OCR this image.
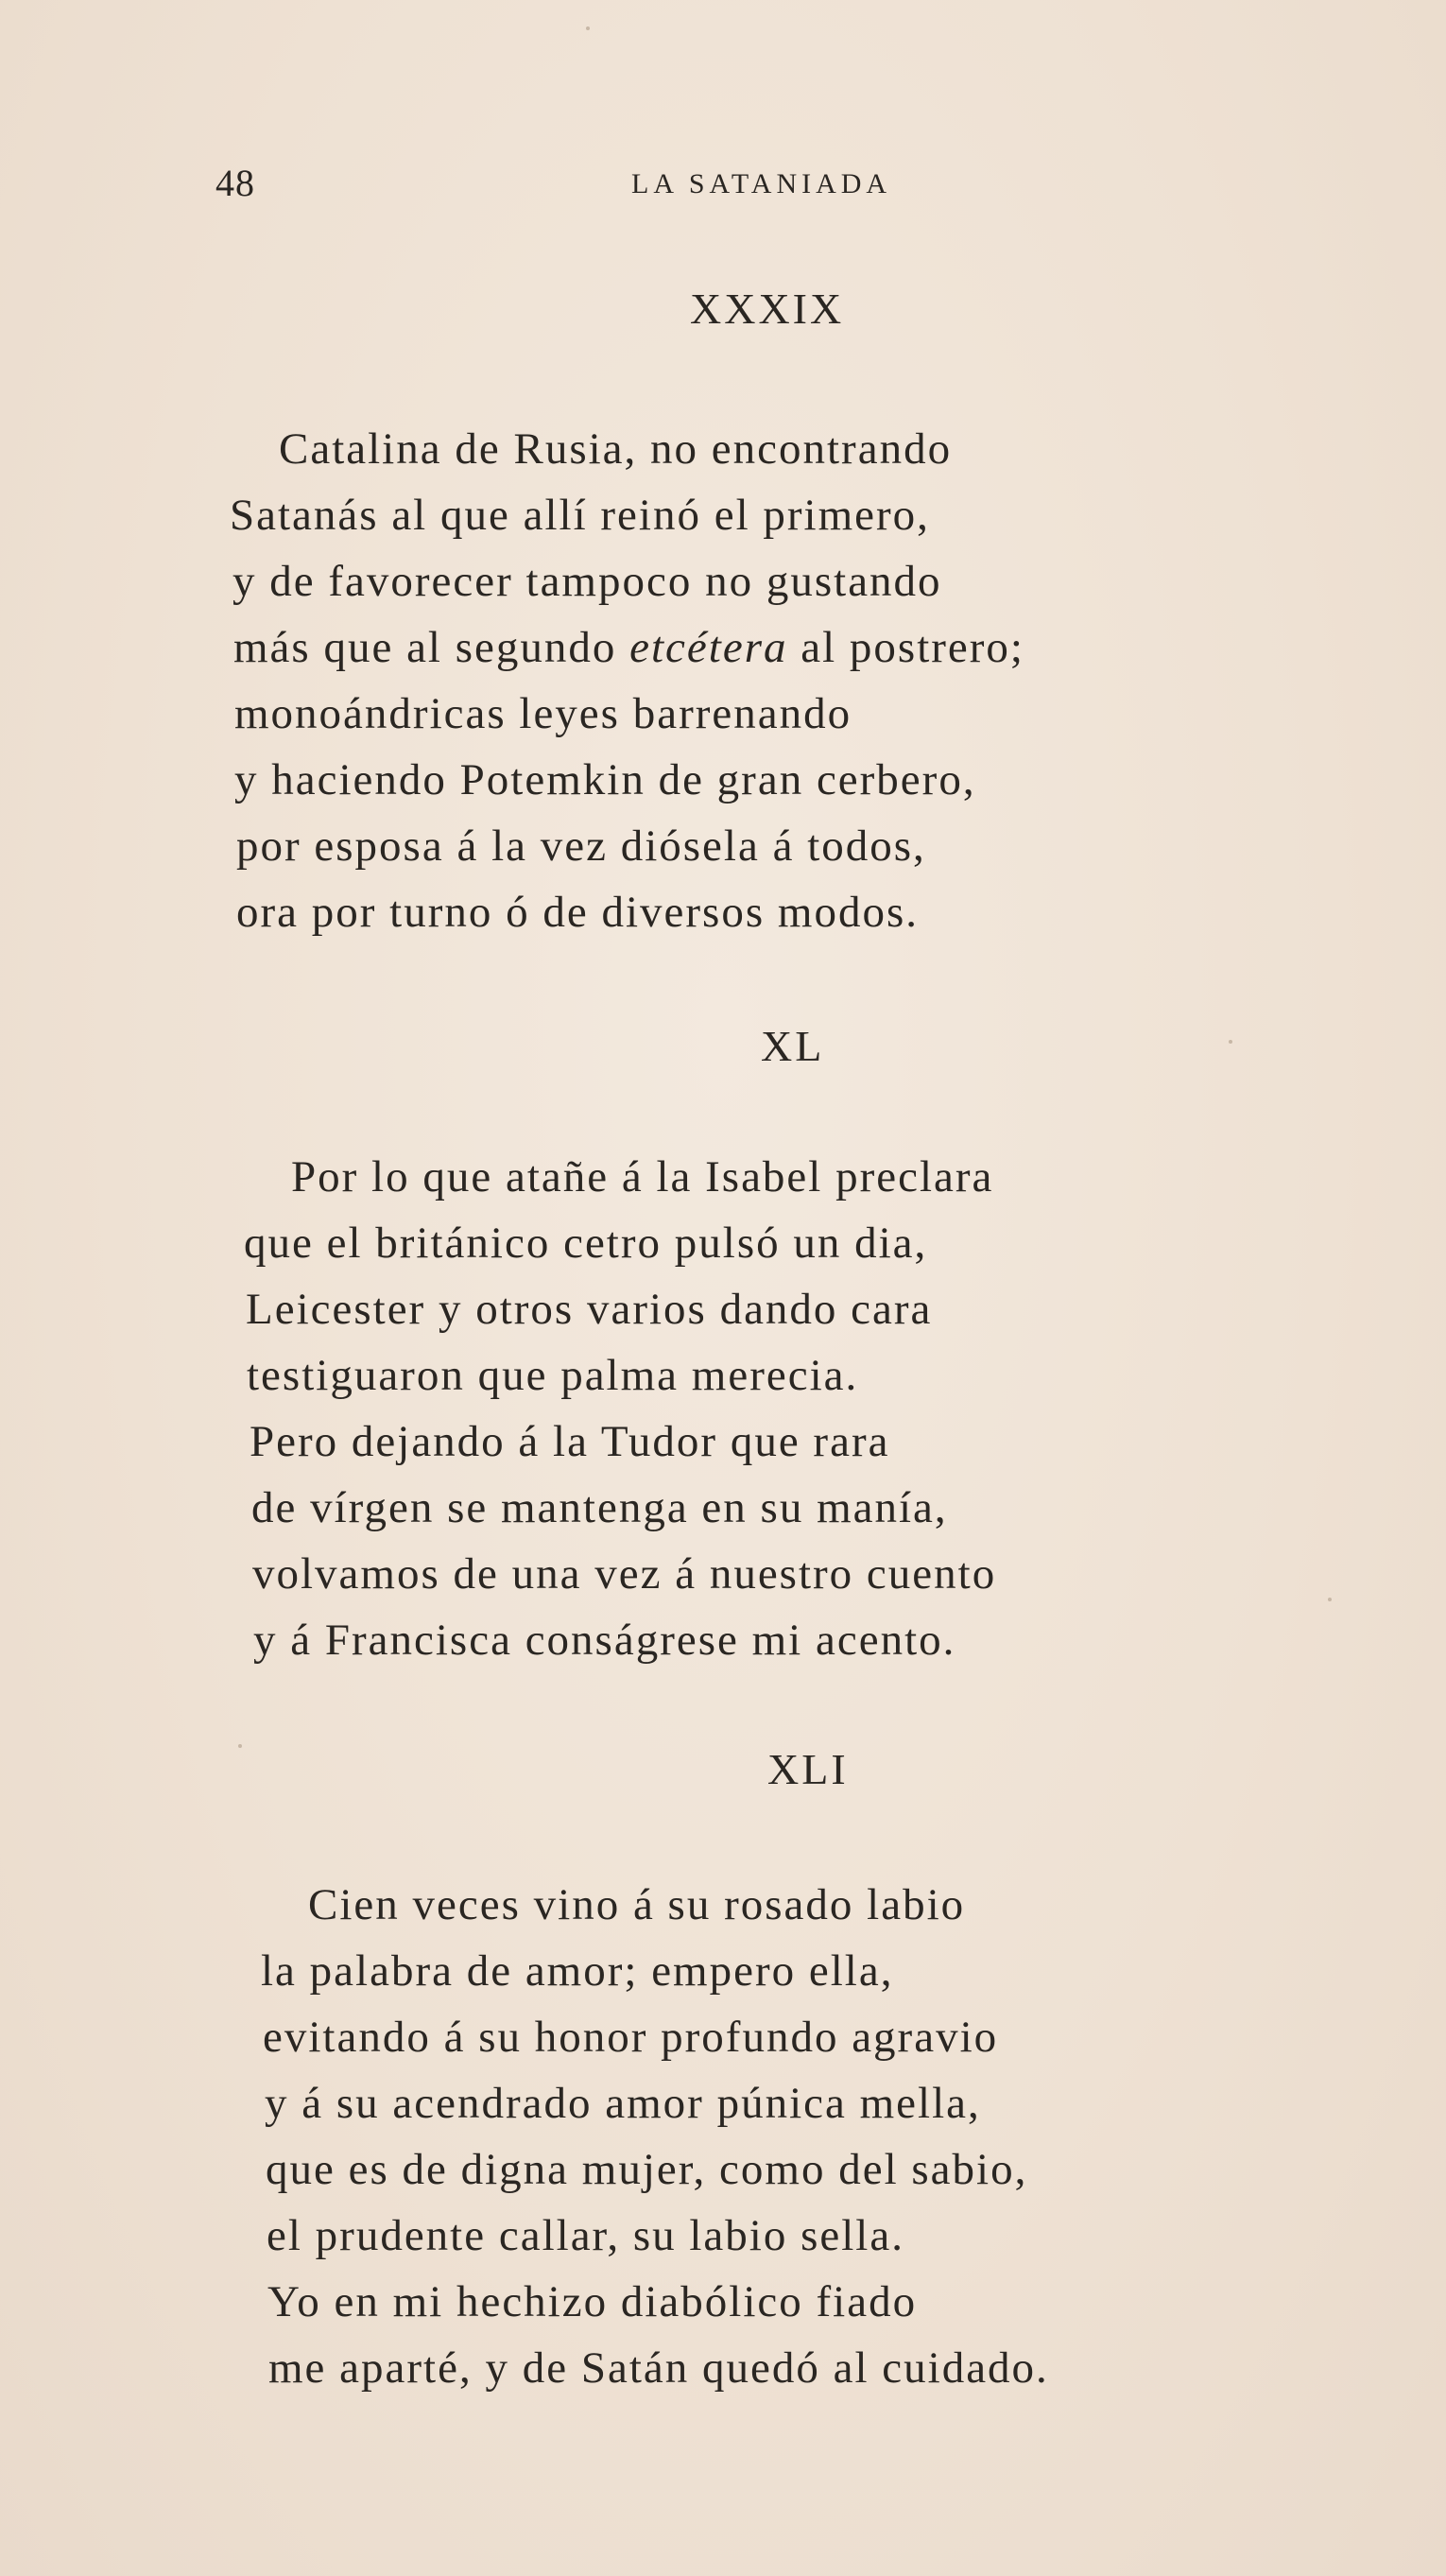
48	LA SATANIADA
XXXIX
Catalina de Rusia, no encontrando
Satanás al que allí reinó el primero,
y de favorecer tampoco no gustando
más que al segundo etcétera al postrero;
monoándricas leyes barrenando
y haciendo Potemkin de gran cerbero,
por esposa á la vez diósela á todos,
ora por turno ó de diversos modos.
XL
Por lo que atañe á la Isabel preclara
que el británico cetro pulsó un dia,
Leicester y otros varios dando cara
testiguaron que palma merecia.
Pero dejando á la Tudor que rara
de vírgen se mantenga en su manía,
volvamos de una vez á nuestro cuento
y á Francisca conságrese mi acento.
XLI
Cien veces vino á su rosado labio
la palabra de amor; empero ella,
evitando á su honor profundo agravio
y á su acendrado amor púnica mella,
que es de digna mujer, como del sabio,
el prudente callar, su labio sella.
Yo en mi hechizo diabólico fiado
me aparté, y de Satán quedó al cuidado.
